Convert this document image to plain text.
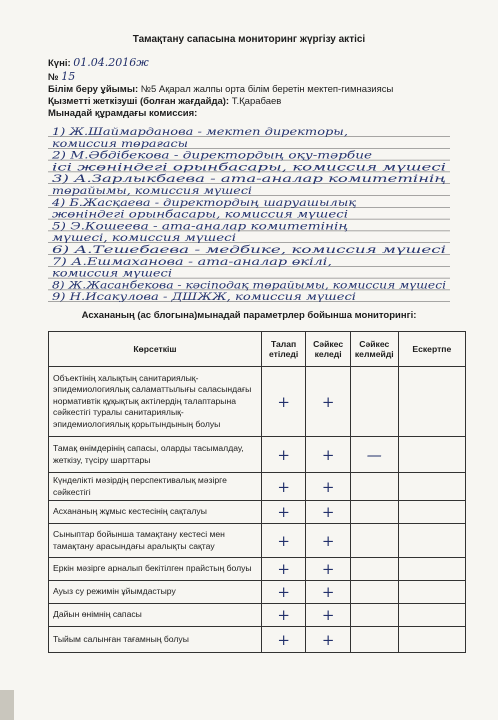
Тамақтану сапасына мониторинг жүргізу актісі
Күні: 01.04.2016ж
№ 15
Білім беру ұйымы: №5 Ақарал жалпы орта білім беретін мектеп-гимназиясы
Қызметті жеткізуші (болған жағдайда): Т.Қарабаев
Мынадай құрамдағы комиссия:
1) Ж.Шаймарданова - мектеп директоры,
комиссия төрағасы
2) М.Әбдібекова - директордың оқу-тәрбие
ісі жөніндегі орынбасары, комиссия мүшесі
3) А.Зарлыкбаева - ата-аналар комитетінің
төрайымы, комиссия мүшесі
4) Б.Жасқаева - директордың шаруашылық
жөніндегі орынбасары, комиссия мүшесі
5) Э.Кошеева - ата-аналар комитетінің
мүшесі, комиссия мүшесі
6) А.Тешебаева - медбике, комиссия мүшесі
7) А.Ешмаханова - ата-аналар өкілі,
комиссия мүшесі
8) Ж.Жасанбекова - кәсіподақ төрайымы, комиссия мүшесі
9) Н.Исакулова - ДШЖЖ, комиссия мүшесі
Асхананың (ас блогына)мынадай параметрлер бойынша мониторингі:
Көрсеткіш	Талап етіледі	Сәйкес келеді	Сәйкес келмейді	Ескертпе
Объектінің халықтың санитариялық-эпидемиологиялық саламаттылығы саласындағы нормативтік құқықтық актілердің талаптарына сәйкестігі туралы санитариялық-эпидемиологиялық қорытындының болуы	+	+		
Тамақ өнімдерінің сапасы, оларды тасымалдау, жеткізу, түсіру шарттары	+	+	—	
Күнделікті мәзірдің перспективалық мәзірге сәйкестігі	+	+		
Асхананың жұмыс кестесінің сақталуы	+	+		
Сыныптар бойынша тамақтану кестесі мен тамақтану арасындағы аралықты сақтау	+	+		
Еркін мәзірге арналып бекітілген прайстың болуы	+	+		
Ауыз су режимін ұйымдастыру	+	+		
Дайын өнімнің сапасы	+	+		
Тыйым салынған тағамның болуы	+	+		
